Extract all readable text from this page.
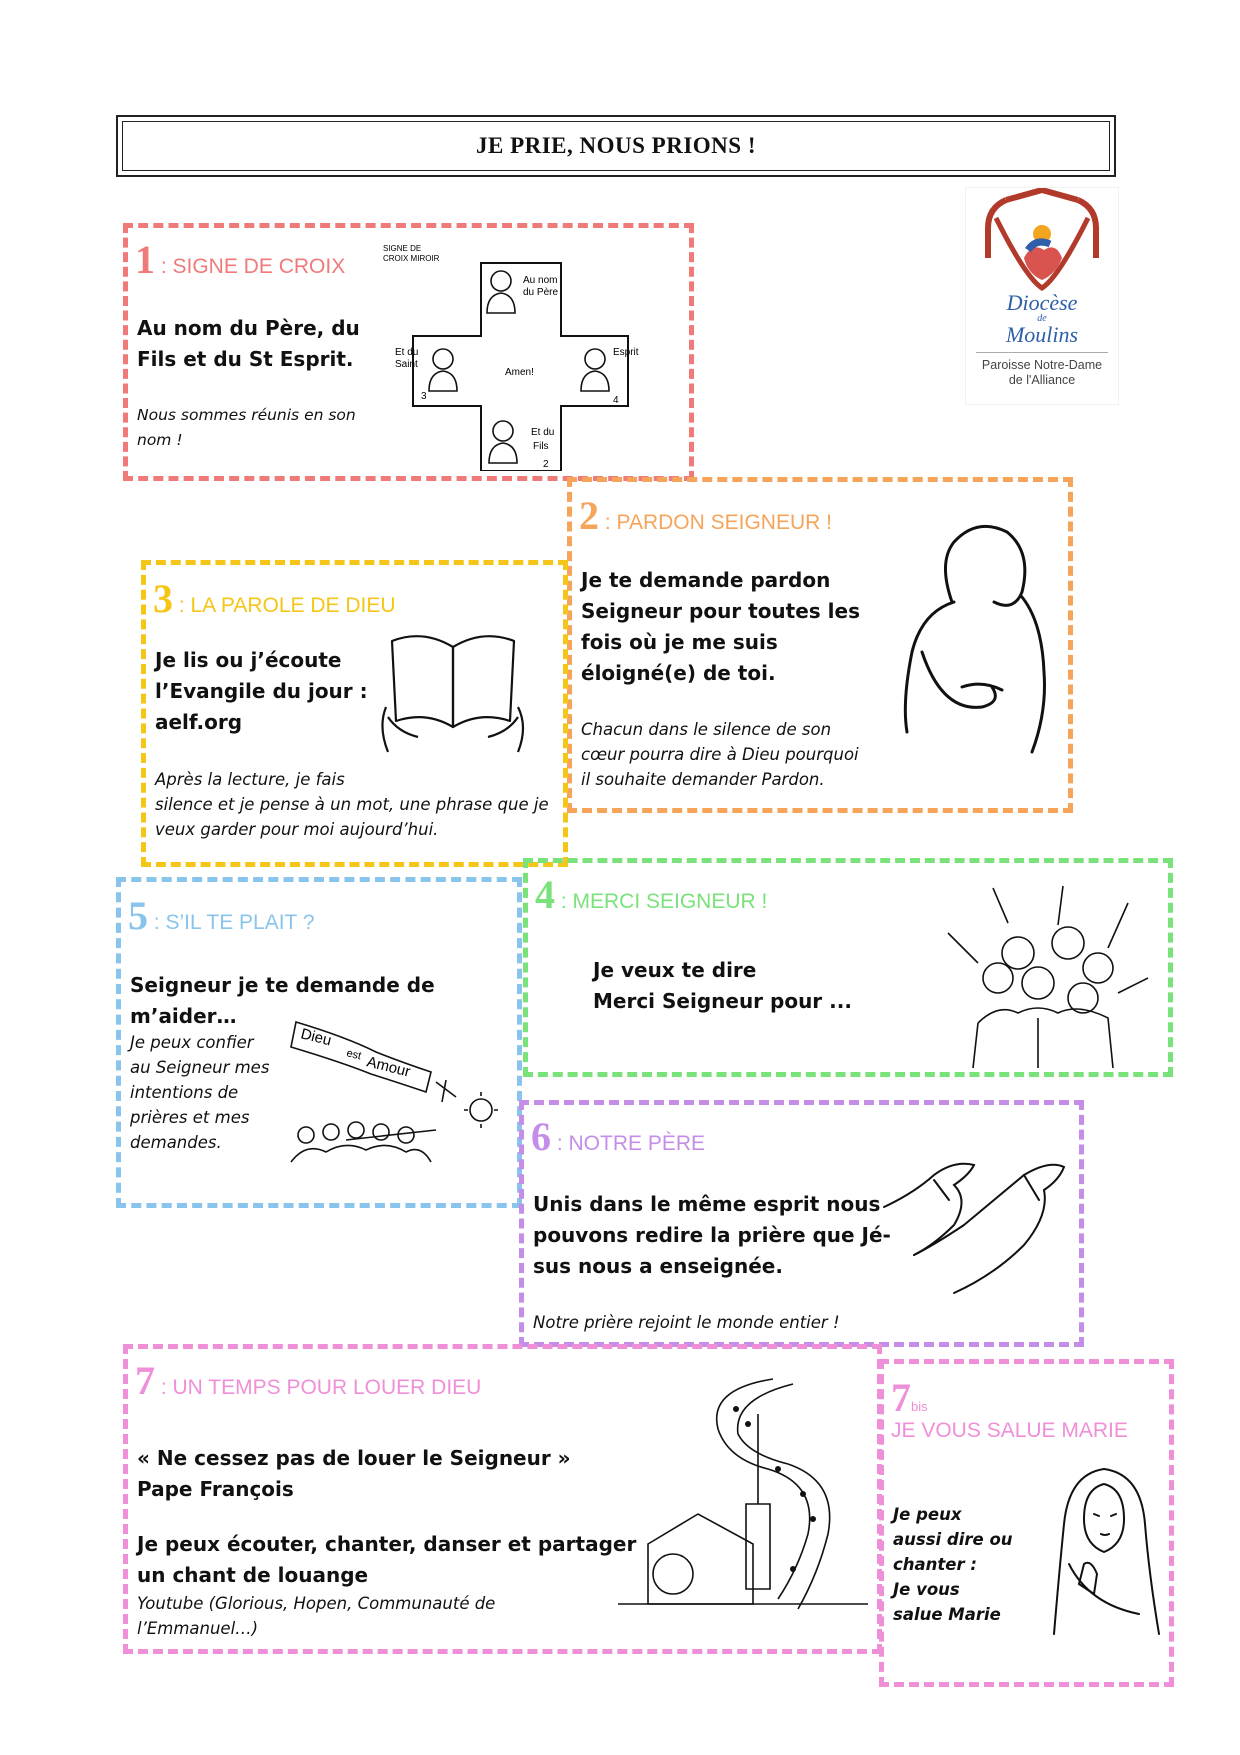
JE PRIE, NOUS PRIONS !
Diocèse
de
Moulins
Paroisse Notre-Dame
de l'Alliance
1 : SIGNE DE CROIX
Au nom du Père, du
Fils et du St Esprit.
Nous sommes réunis en son
nom !
SIGNE DE
CROIX MIROIR
Au nom
du Père
Et du
Saint
Amen!
Esprit
Et du
Fils
3	4
2
2 : PARDON SEIGNEUR !
Je te demande pardon
Seigneur pour toutes les
fois où je me suis
éloigné(e) de toi.
Chacun dans le silence de son
cœur pourra dire à Dieu pourquoi
il souhaite demander Pardon.
3 : LA PAROLE DE DIEU
Je lis ou j’écoute
l’Evangile du jour :
aelf.org
Après la lecture, je fais
silence et je pense à un mot, une phrase que je
veux garder pour moi aujourd’hui.
5 : S’IL TE PLAIT ?
Seigneur je te demande de m’aider…
Je peux confier
au Seigneur mes
intentions de
prières et mes
demandes.
Dieu
est Amour
4 : MERCI SEIGNEUR !
Je veux te dire
Merci Seigneur pour ...
6 : NOTRE PÈRE
Unis dans le même esprit nous
pouvons redire la prière que Jé-
sus nous a enseignée.
Notre prière rejoint le monde entier !
7 : UN TEMPS POUR LOUER DIEU
« Ne cessez pas de louer le Seigneur »
Pape François
Je peux écouter, chanter, danser et partager
un chant de louange
Youtube (Glorious, Hopen, Communauté de
l’Emmanuel…)
7bis
JE VOUS SALUE MARIE
Je peux
aussi dire ou
chanter :
Je vous
salue Marie
